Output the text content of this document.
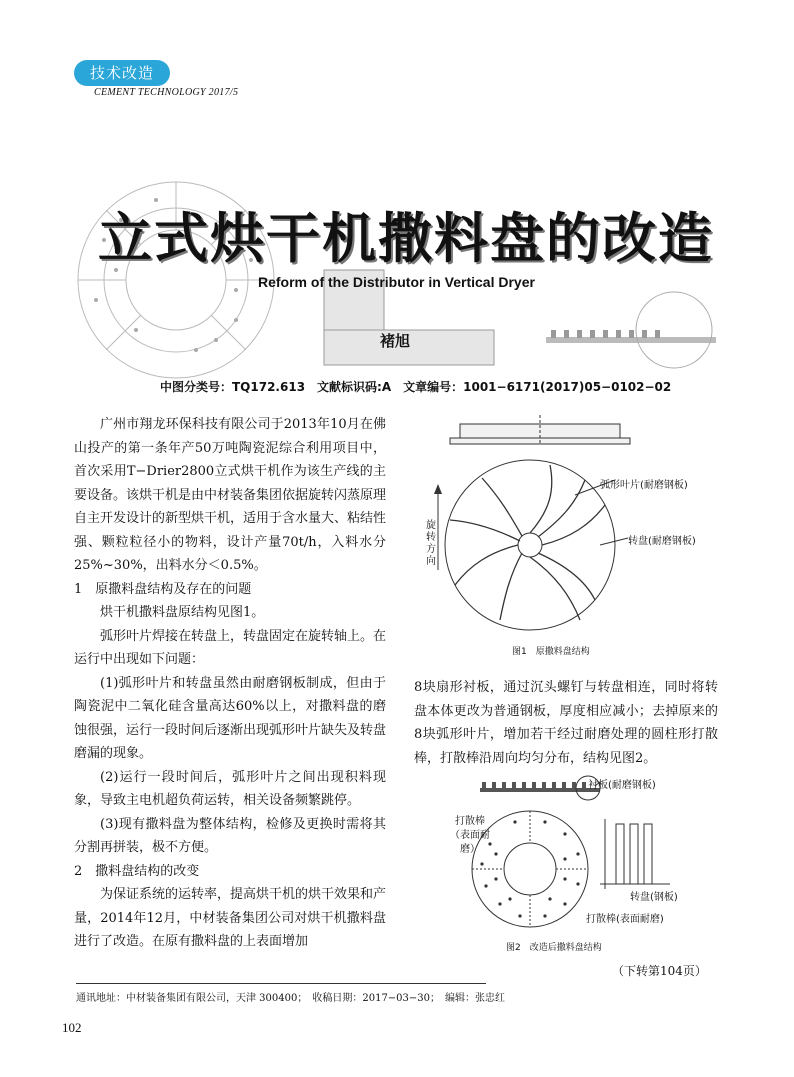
技术改造
CEMENT TECHNOLOGY 2017/5
立式烘干机撒料盘的改造
Reform of the Distributor in Vertical Dryer
褚旭
中图分类号：TQ172.613　文献标识码:A　文章编号：1001−6171(2017)05−0102−02

广州市翔龙环保科技有限公司于2013年10月在佛山投产的第一条年产50万吨陶瓷泥综合利用项目中，首次采用T−Drier2800立式烘干机作为该生产线的主要设备。该烘干机是由中材装备集团依据旋转闪蒸原理自主开发设计的新型烘干机，适用于含水量大、粘结性强、颗粒粒径小的物料，设计产量70t/h，入料水分25%~30%，出料水分＜0.5%。

1　原撒料盘结构及存在的问题

烘干机撒料盘原结构见图1。

弧形叶片焊接在转盘上，转盘固定在旋转轴上。在运行中出现如下问题：

(1)弧形叶片和转盘虽然由耐磨钢板制成，但由于陶瓷泥中二氧化硅含量高达60%以上，对撒料盘的磨蚀很强，运行一段时间后逐渐出现弧形叶片缺失及转盘磨漏的现象。

(2)运行一段时间后，弧形叶片之间出现积料现象，导致主电机超负荷运转，相关设备频繁跳停。

(3)现有撒料盘为整体结构，检修及更换时需将其分割再拼装，极不方便。

2　撒料盘结构的改变

为保证系统的运转率，提高烘干机的烘干效果和产量，2014年12月，中材装备集团公司对烘干机撒料盘进行了改造。在原有撒料盘的上表面增加

弧形叶片(耐磨钢板)
转盘(耐磨钢板)
旋转方向
图1　原撒料盘结构

8块扇形衬板，通过沉头螺钉与转盘相连，同时将转盘本体更改为普通钢板，厚度相应减小；去掉原来的8块弧形叶片，增加若干经过耐磨处理的圆柱形打散棒，打散棒沿周向均匀分布，结构见图2。

衬板(耐磨钢板)
打散棒（表面耐磨）
转盘(钢板)
打散棒(表面耐磨)
图2　改造后撒料盘结构
（下转第104页）
通讯地址：中材装备集团有限公司，天津 300400；　收稿日期：2017−03−30；　编辑：张忠红
102
